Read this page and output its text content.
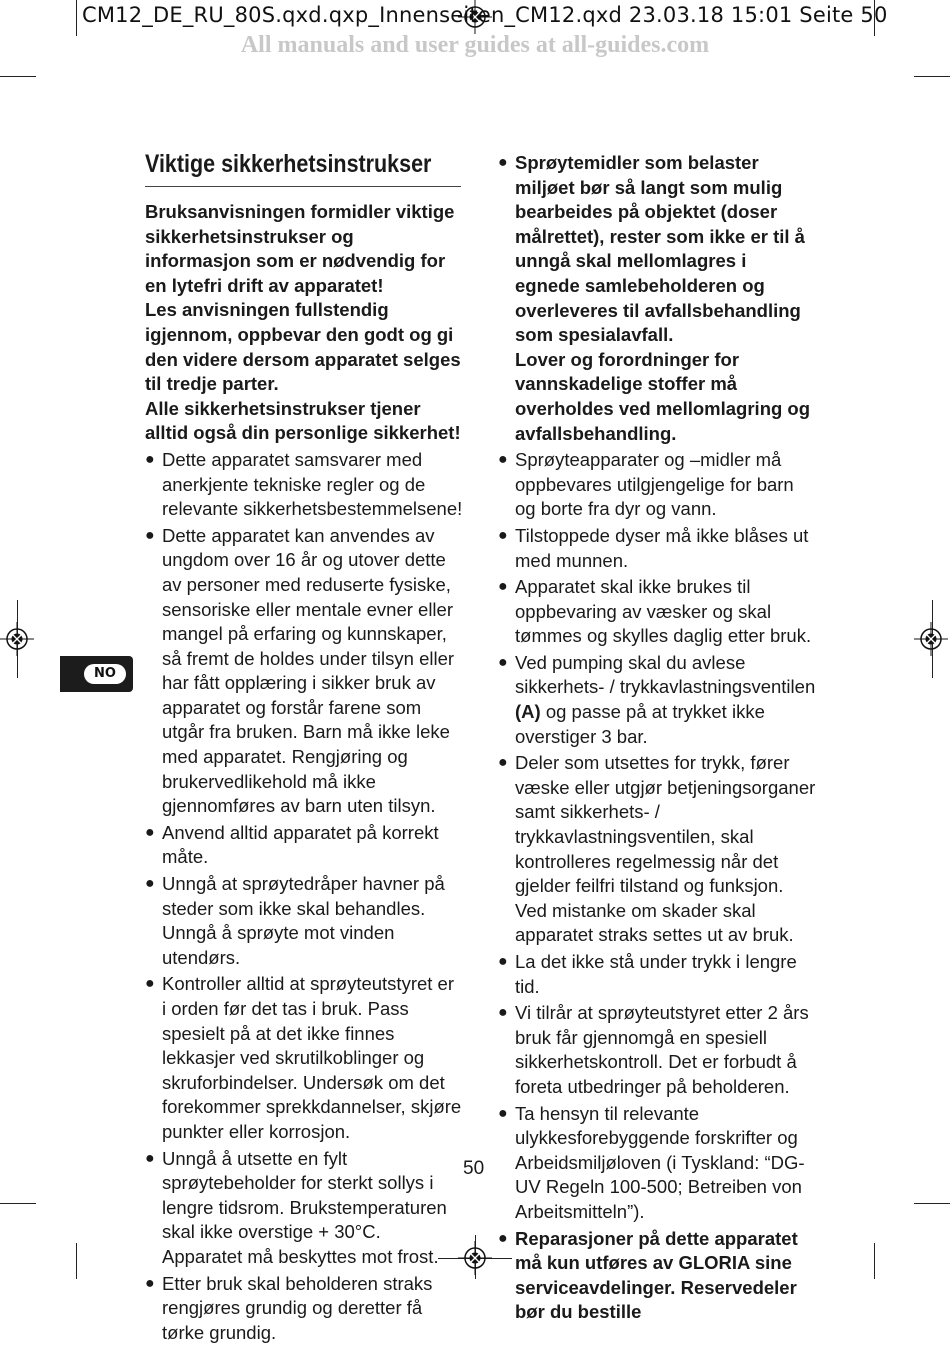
CM12_DE_RU_80S.qxd.qxp_Innenseiten_CM12.qxd 23.03.18 15:01 Seite 50
All manuals and user guides at all-guides.com
NO
Viktige sikkerhetsinstrukser

Bruksanvisningen formidler viktige sikkerhetsinstrukser og informasjon som er nødvendig for en lytefri drift av apparatet!

Les anvisningen fullstendig igjennom, oppbevar den godt og gi den videre dersom apparatet selges til tredje parter.

Alle sikkerhetsinstrukser tjener alltid også din personlige sikkerhet!

● Dette apparatet samsvarer med anerkjente tekniske regler og de relevante sikkerhetsbestemmelsene!
● Dette apparatet kan anvendes av ungdom over 16 år og utover dette av personer med reduserte fysiske, sensoriske eller mentale evner eller mangel på erfaring og kunnskaper, så fremt de holdes under tilsyn eller har fått opplæring i sikker bruk av apparatet og forstår farene som utgår fra bruken. Barn må ikke leke med apparatet. Rengjøring og brukervedlikehold må ikke gjennomføres av barn uten tilsyn.
● Anvend alltid apparatet på korrekt måte.
● Unngå at sprøytedråper havner på steder som ikke skal behandles.
Unngå å sprøyte mot vinden utendørs.
● Kontroller alltid at sprøyteutstyret er i orden før det tas i bruk. Pass spesielt på at det ikke finnes lekkasjer ved skrutilkoblinger og skruforbindelser. Undersøk om det forekommer sprekkdannelser, skjøre punkter eller korrosjon.
● Unngå å utsette en fylt sprøytebeholder for sterkt sollys i lengre tidsrom. Brukstemperaturen skal ikke overstige + 30°C.
Apparatet må beskyttes mot frost.
● Etter bruk skal beholderen straks rengjøres grundig og deretter få tørke grundig.
● Sprøytemidler som belaster miljøet bør så langt som mulig bearbeides på objektet (doser målrettet), rester som ikke er til å unngå skal mellomlagres i egnede samlebeholderen og overleveres til avfallsbehandling som spesialavfall.
Lover og forordninger for vannskadelige stoffer må overholdes ved mellomlagring og avfallsbehandling.
● Sprøyteapparater og –midler må oppbevares utilgjengelige for barn og borte fra dyr og vann.
● Tilstoppede dyser må ikke blåses ut med munnen.
● Apparatet skal ikke brukes til oppbevaring av væsker og skal tømmes og skylles daglig etter bruk.
● Ved pumping skal du avlese sikkerhets- / trykkavlastningsventilen (A) og passe på at trykket ikke overstiger 3 bar.
● Deler som utsettes for trykk, fører væske eller utgjør betjeningsorganer samt sikkerhets- / trykkavlastningsventilen, skal kontrolleres regelmessig når det gjelder feilfri tilstand og funksjon. Ved mistanke om skader skal apparatet straks settes ut av bruk.
● La det ikke stå under trykk i lengre tid.
● Vi tilrår at sprøyteutstyret etter 2 års bruk får gjennomgå en spesiell sikkerhetskontroll. Det er forbudt å foreta utbedringer på beholderen.
● Ta hensyn til relevante ulykkesforebyggende forskrifter og Arbeidsmiljøloven (i Tyskland: “DG-UV Regeln 100-500; Betreiben von Arbeitsmitteln”).
● Reparasjoner på dette apparatet må kun utføres av GLORIA sine serviceavdelinger. Reservedeler bør du bestille
50
